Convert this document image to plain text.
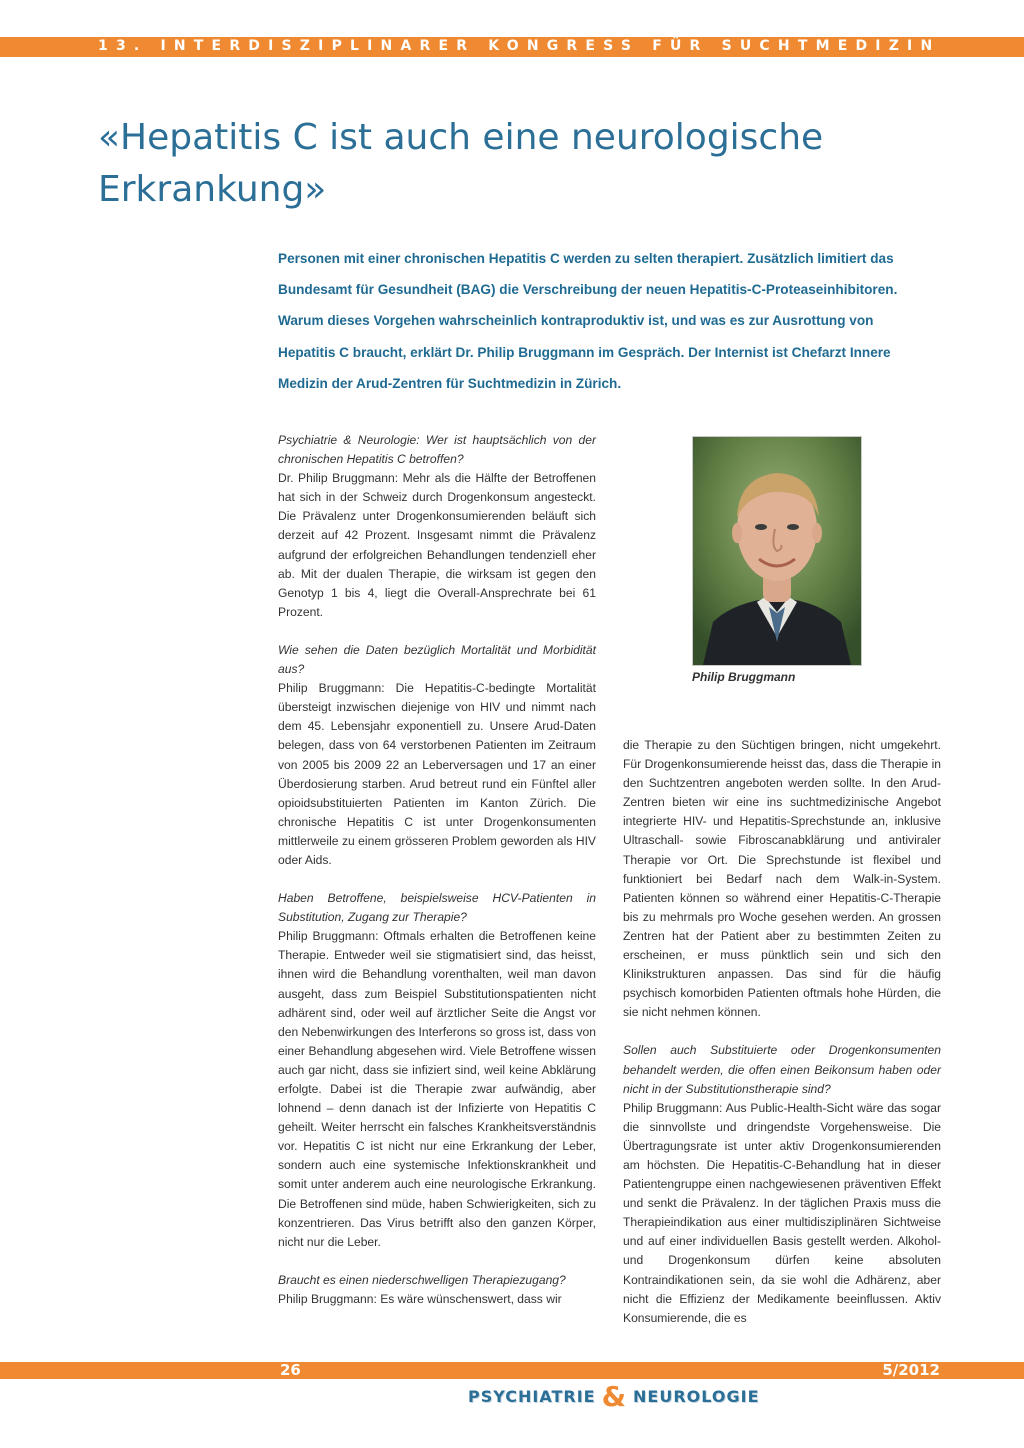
13. INTERDISZIPLINARER KONGRESS FÜR SUCHTMEDIZIN
«Hepatitis C ist auch eine neurologische Erkrankung»

Personen mit einer chronischen Hepatitis C werden zu selten therapiert. Zusätzlich limitiert das Bundesamt für Gesundheit (BAG) die Verschreibung der neuen Hepatitis-C-Proteaseinhibitoren. Warum dieses Vorgehen wahrscheinlich kontraproduktiv ist, und was es zur Ausrottung von Hepatitis C braucht, erklärt Dr. Philip Bruggmann im Gespräch. Der Internist ist Chefarzt Innere Medizin der Arud-Zentren für Suchtmedizin in Zürich.

Psychiatrie & Neurologie: Wer ist hauptsächlich von der chronischen Hepatitis C betroffen?
Dr. Philip Bruggmann: Mehr als die Hälfte der Betroffenen hat sich in der Schweiz durch Drogenkonsum angesteckt. Die Prävalenz unter Drogenkonsumierenden beläuft sich derzeit auf 42 Prozent. Insgesamt nimmt die Prävalenz aufgrund der erfolgreichen Behandlungen tendenziell eher ab. Mit der dualen Therapie, die wirksam ist gegen den Genotyp 1 bis 4, liegt die Overall-Ansprechrate bei 61 Prozent.

Wie sehen die Daten bezüglich Mortalität und Morbidität aus?
Philip Bruggmann: Die Hepatitis-C-bedingte Mortalität übersteigt inzwischen diejenige von HIV und nimmt nach dem 45. Lebensjahr exponentiell zu. Unsere Arud-Daten belegen, dass von 64 verstorbenen Patienten im Zeitraum von 2005 bis 2009 22 an Leberversagen und 17 an einer Überdosierung starben. Arud betreut rund ein Fünftel aller opioidsubstituierten Patienten im Kanton Zürich. Die chronische Hepatitis C ist unter Drogenkonsumenten mittlerweile zu einem grösseren Problem geworden als HIV oder Aids.

Haben Betroffene, beispielsweise HCV-Patienten in Substitution, Zugang zur Therapie?
Philip Bruggmann: Oftmals erhalten die Betroffenen keine Therapie. Entweder weil sie stigmatisiert sind, das heisst, ihnen wird die Behandlung vorenthalten, weil man davon ausgeht, dass zum Beispiel Substitutionspatienten nicht adhärent sind, oder weil auf ärztlicher Seite die Angst vor den Nebenwirkungen des Interferons so gross ist, dass von einer Behandlung abgesehen wird. Viele Betroffene wissen auch gar nicht, dass sie infiziert sind, weil keine Abklärung erfolgte. Dabei ist die Therapie zwar aufwändig, aber lohnend – denn danach ist der Infizierte von Hepatitis C geheilt. Weiter herrscht ein falsches Krankheitsverständnis vor. Hepatitis C ist nicht nur eine Erkrankung der Leber, sondern auch eine systemische Infektionskrankheit und somit unter anderem auch eine neurologische Erkrankung. Die Betroffenen sind müde, haben Schwierigkeiten, sich zu konzentrieren. Das Virus betrifft also den ganzen Körper, nicht nur die Leber.

Braucht es einen niederschwelligen Therapiezugang?
Philip Bruggmann: Es wäre wünschenswert, dass wir

Philip Bruggmann

die Therapie zu den Süchtigen bringen, nicht umgekehrt. Für Drogenkonsumierende heisst das, dass die Therapie in den Suchtzentren angeboten werden sollte. In den Arud-Zentren bieten wir eine ins suchtmedizinische Angebot integrierte HIV- und Hepatitis-Sprechstunde an, inklusive Ultraschall- sowie Fibroscanabklärung und antiviraler Therapie vor Ort. Die Sprechstunde ist flexibel und funktioniert bei Bedarf nach dem Walk-in-System. Patienten können so während einer Hepatitis-C-Therapie bis zu mehrmals pro Woche gesehen werden. An grossen Zentren hat der Patient aber zu bestimmten Zeiten zu erscheinen, er muss pünktlich sein und sich den Klinikstrukturen anpassen. Das sind für die häufig psychisch komorbiden Patienten oftmals hohe Hürden, die sie nicht nehmen können.

Sollen auch Substituierte oder Drogenkonsumenten behandelt werden, die offen einen Beikonsum haben oder nicht in der Substitutionstherapie sind?
Philip Bruggmann: Aus Public-Health-Sicht wäre das sogar die sinnvollste und dringendste Vorgehensweise. Die Übertragungsrate ist unter aktiv Drogenkonsumierenden am höchsten. Die Hepatitis-C-Behandlung hat in dieser Patientengruppe einen nachgewiesenen präventiven Effekt und senkt die Prävalenz. In der täglichen Praxis muss die Therapieindikation aus einer multidisziplinären Sichtweise und auf einer individuellen Basis gestellt werden. Alkohol- und Drogenkonsum dürfen keine absoluten Kontraindikationen sein, da sie wohl die Adhärenz, aber nicht die Effizienz der Medikamente beeinflussen. Aktiv Konsumierende, die es

26	5/2012
PSYCHIATRIE & NEUROLOGIE
